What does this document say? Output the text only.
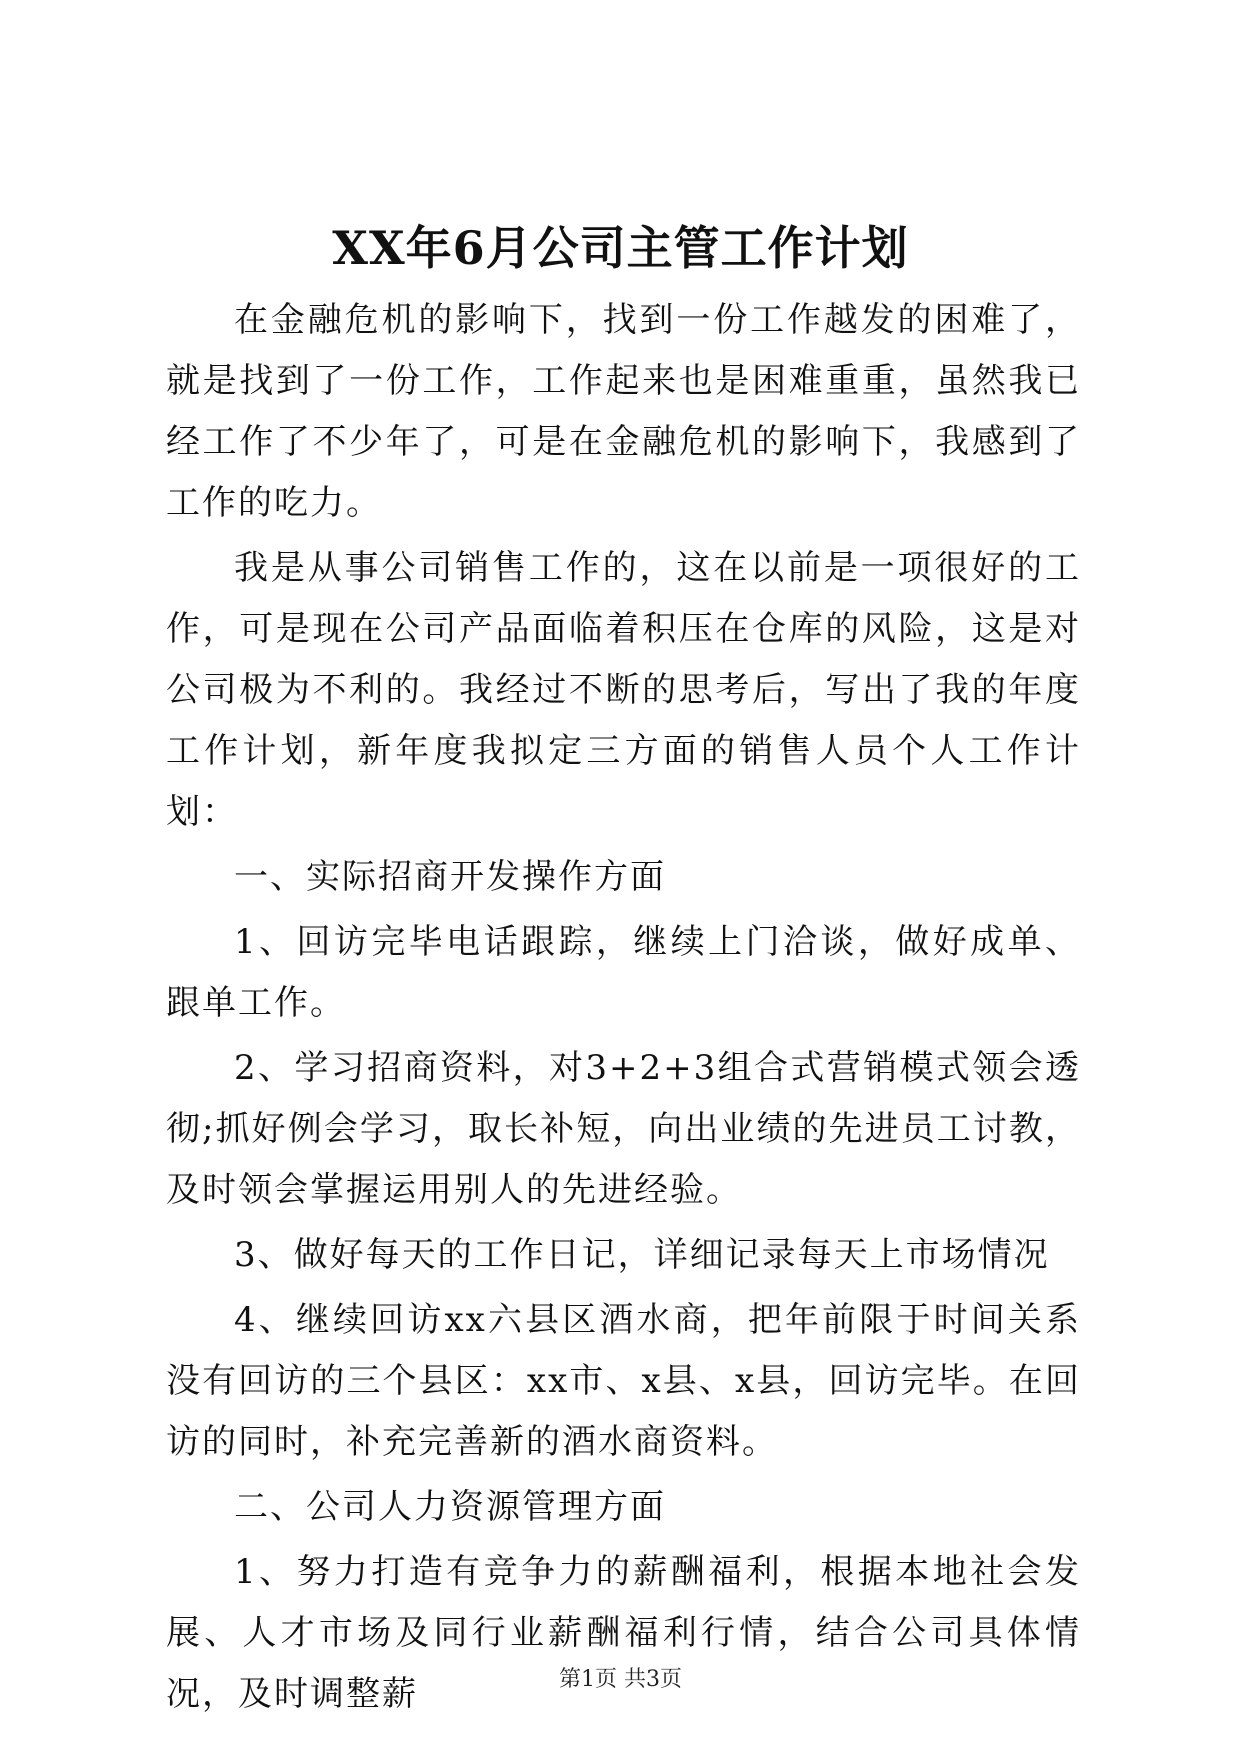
XX年6月公司主管工作计划

在金融危机的影响下，找到一份工作越发的困难了，就是找到了一份工作，工作起来也是困难重重，虽然我已经工作了不少年了，可是在金融危机的影响下，我感到了工作的吃力。

我是从事公司销售工作的，这在以前是一项很好的工作，可是现在公司产品面临着积压在仓库的风险，这是对公司极为不利的。我经过不断的思考后，写出了我的年度工作计划，新年度我拟定三方面的销售人员个人工作计划：

一、实际招商开发操作方面

1、回访完毕电话跟踪，继续上门洽谈，做好成单、跟单工作。

2、学习招商资料，对3+2+3组合式营销模式领会透彻;抓好例会学习，取长补短，向出业绩的先进员工讨教，及时领会掌握运用别人的先进经验。

3、做好每天的工作日记，详细记录每天上市场情况

4、继续回访xx六县区酒水商，把年前限于时间关系没有回访的三个县区：xx市、x县、x县，回访完毕。在回访的同时，补充完善新的酒水商资料。

二、公司人力资源管理方面

1、努力打造有竞争力的薪酬福利，根据本地社会发展、人才市场及同行业薪酬福利行情，结合公司具体情况，及时调整薪	第1页 共3页
